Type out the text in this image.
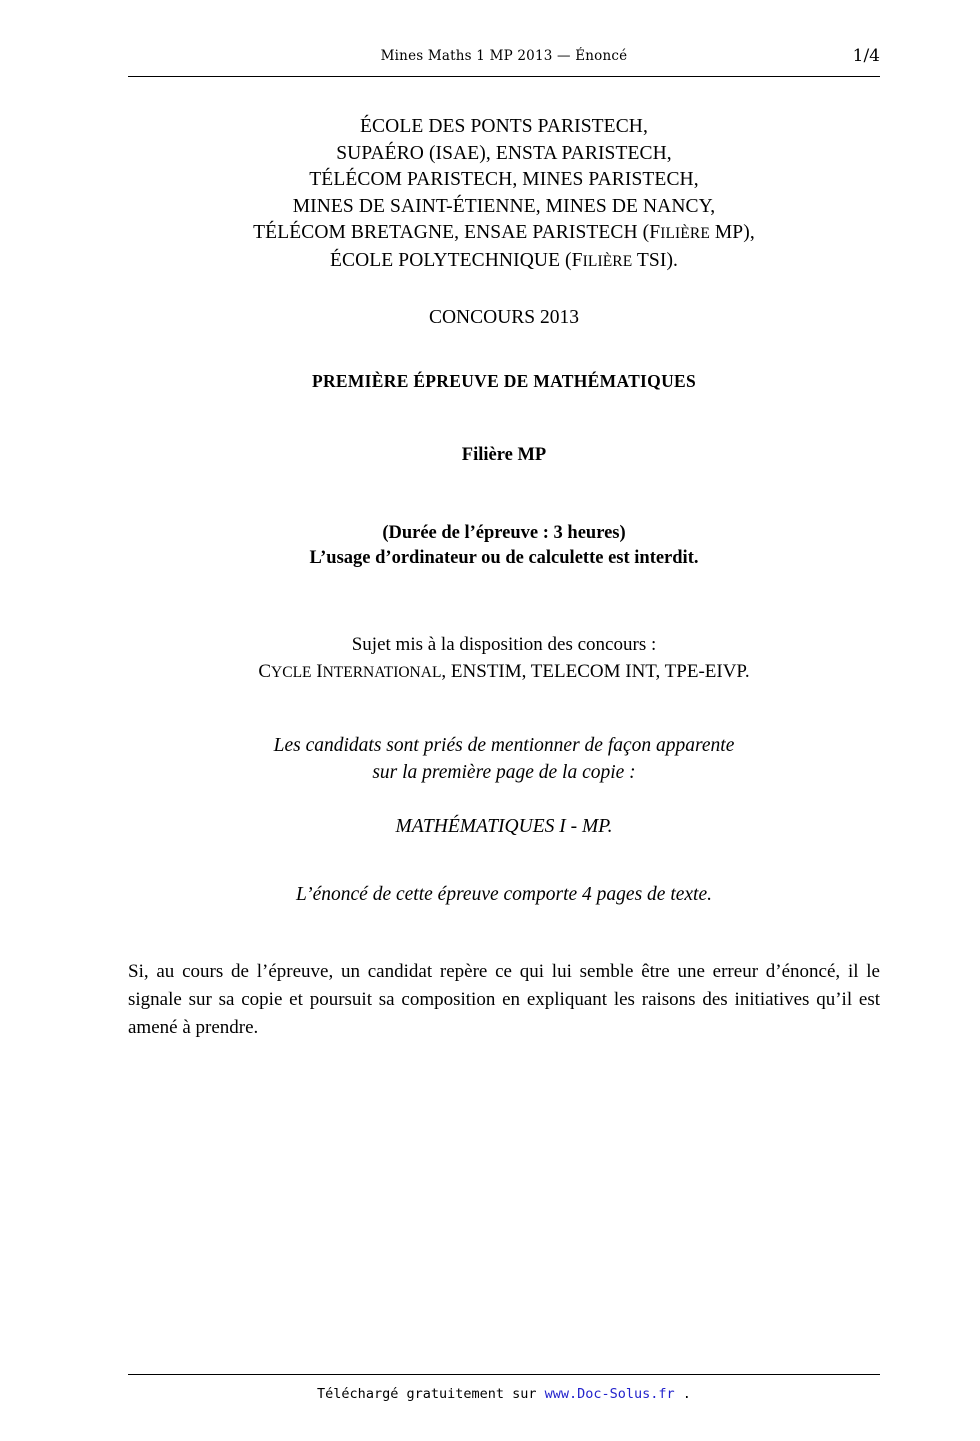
Mines Maths 1 MP 2013 — Énoncé	1/4
ÉCOLE DES PONTS PARISTECH,
SUPAÉRO (ISAE), ENSTA PARISTECH,
TÉLÉCOM PARISTECH, MINES PARISTECH,
MINES DE SAINT-ÉTIENNE, MINES DE NANCY,
TÉLÉCOM BRETAGNE, ENSAE PARISTECH (FILIÈRE MP),
ÉCOLE POLYTECHNIQUE (FILIÈRE TSI).
CONCOURS 2013
PREMIÈRE ÉPREUVE DE MATHÉMATIQUES
Filière MP
(Durée de l’épreuve : 3 heures)
L’usage d’ordinateur ou de calculette est interdit.
Sujet mis à la disposition des concours :
CYCLE INTERNATIONAL, ENSTIM, TELECOM INT, TPE-EIVP.
Les candidats sont priés de mentionner de façon apparente
sur la première page de la copie :
MATHÉMATIQUES I - MP.
L’énoncé de cette épreuve comporte 4 pages de texte.
Si, au cours de l’épreuve, un candidat repère ce qui lui semble être une erreur d’énoncé, il le signale sur sa copie et poursuit sa composition en expliquant les raisons des initiatives qu’il est amené à prendre.
Téléchargé gratuitement sur www.Doc-Solus.fr .
